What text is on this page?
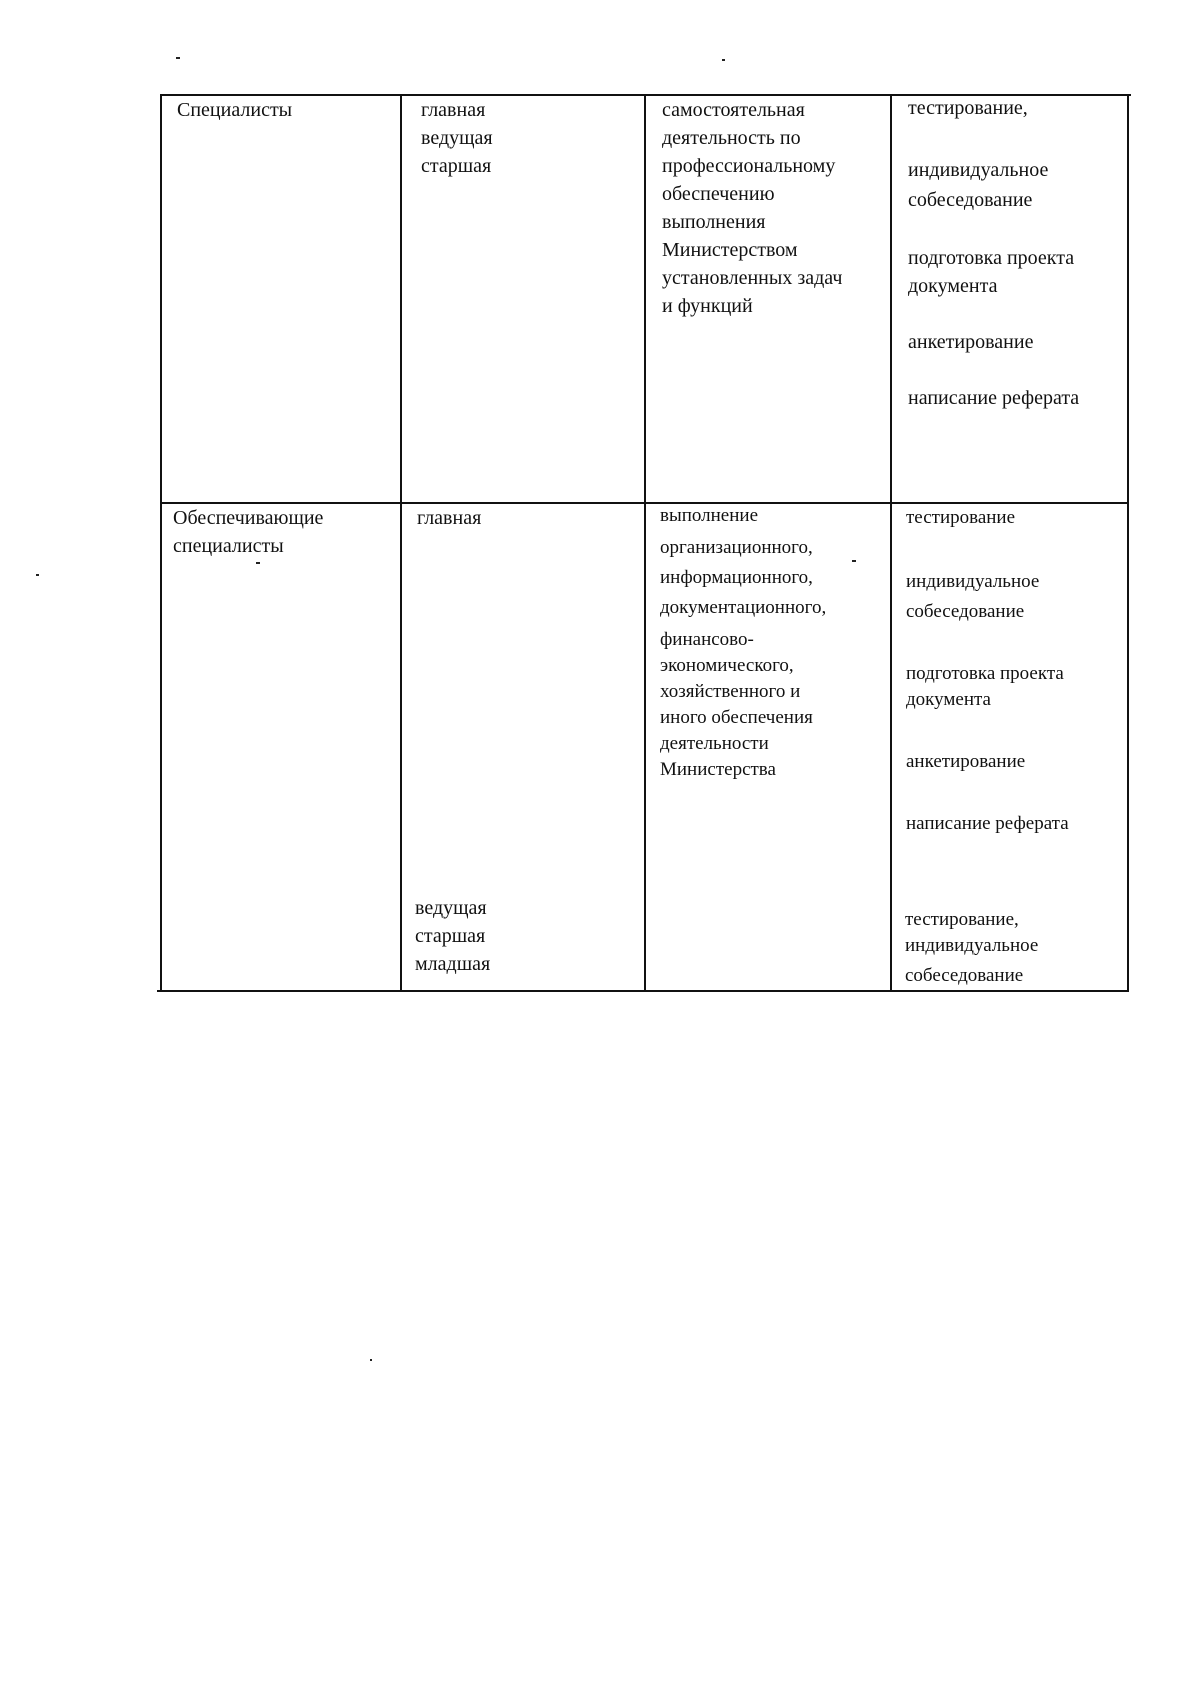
Специалисты	главная
ведущая
старшая
самостоятельная
деятельность по
профессиональному
обеспечению
выполнения
Министерством
установленных задач
и функций
тестирование,
индивидуальное
собеседование
подготовка проекта
документа
анкетирование
написание реферата
Обеспечивающие
специалисты
главная	выполнение
организационного,
информационного,
документационного,
финансово-
экономического,
хозяйственного и
иного обеспечения
деятельности
Министерства
тестирование
индивидуальное
собеседование
подготовка проекта
документа
анкетирование
написание реферата
ведущая
старшая
младшая
тестирование,
индивидуальное
собеседование
